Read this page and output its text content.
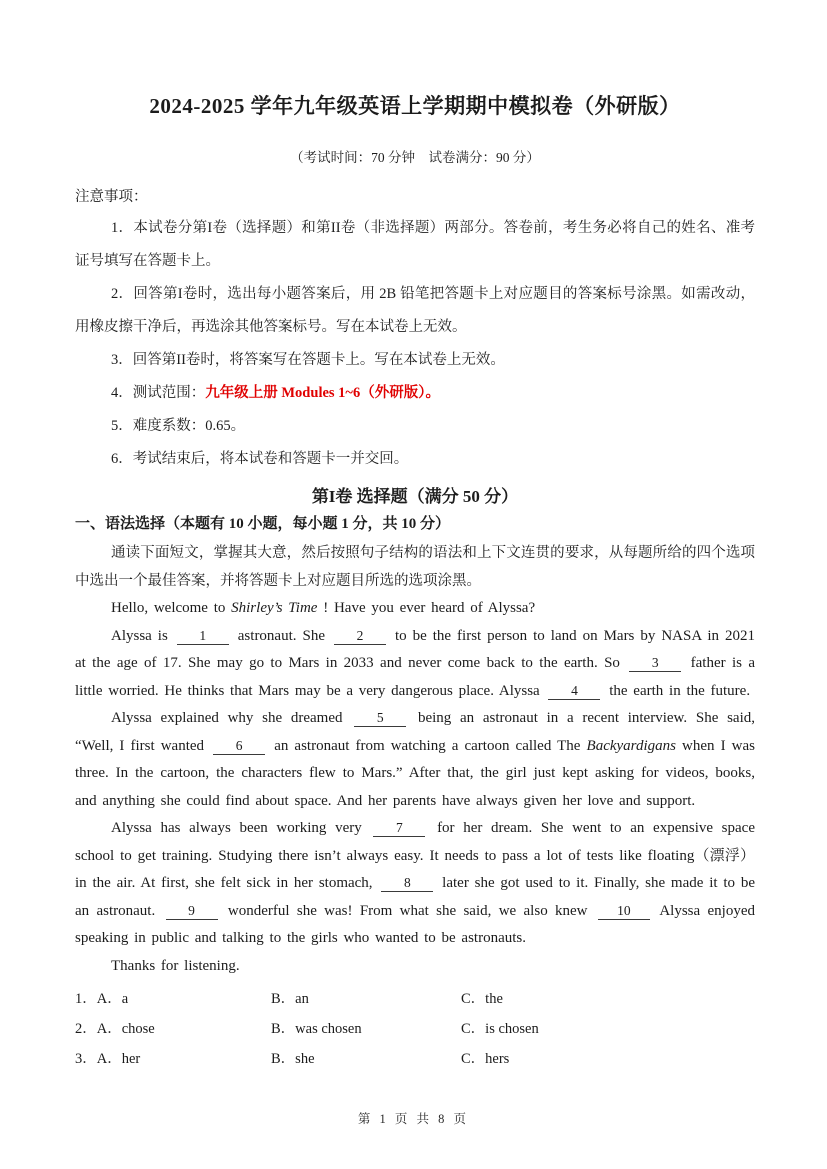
2024-2025 学年九年级英语上学期期中模拟卷（外研版）
（考试时间：70 分钟　试卷满分：90 分）

注意事项：

1．本试卷分第I卷（选择题）和第II卷（非选择题）两部分。答卷前，考生务必将自己的姓名、准考证号填写在答题卡上。

2．回答第I卷时，选出每小题答案后，用 2B 铅笔把答题卡上对应题目的答案标号涂黑。如需改动，用橡皮擦干净后，再选涂其他答案标号。写在本试卷上无效。

3．回答第II卷时，将答案写在答题卡上。写在本试卷上无效。

4．测试范围：九年级上册 Modules 1~6（外研版）。

5．难度系数：0.65。

6．考试结束后，将本试卷和答题卡一并交回。

第I卷 选择题（满分 50 分）
一、语法选择（本题有 10 小题，每小题 1 分，共 10 分）

通读下面短文，掌握其大意，然后按照句子结构的语法和上下文连贯的要求，从每题所给的四个选项中选出一个最佳答案，并将答题卡上对应题目所选的选项涂黑。

Hello, welcome to Shirley’s Time ! Have you ever heard of Alyssa?

Alyssa is 1 astronaut. She 2 to be the first person to land on Mars by NASA in 2021 at the age of 17. She may go to Mars in 2033 and never come back to the earth. So 3 father is a little worried. He thinks that Mars may be a very dangerous place. Alyssa 4 the earth in the future.

Alyssa explained why she dreamed 5 being an astronaut in a recent interview. She said, “Well, I first wanted 6 an astronaut from watching a cartoon called The Backyardigans when I was three. In the cartoon, the characters flew to Mars.” After that, the girl just kept asking for videos, books, and anything she could find about space. And her parents have always given her love and support.

Alyssa has always been working very 7 for her dream. She went to an expensive space school to get training. Studying there isn’t always easy. It needs to pass a lot of tests like floating（漂浮）in the air. At first, she felt sick in her stomach, 8 later she got used to it. Finally, she made it to be an astronaut. 9 wonderful she was! From what she said, we also knew 10 Alyssa enjoyed speaking in public and talking to the girls who wanted to be astronauts.

Thanks for listening.

1．A．a	B．an	C．the
2．A．chose	B．was chosen	C．is chosen
3．A．her	B．she	C．hers
第 1 页 共 8 页
